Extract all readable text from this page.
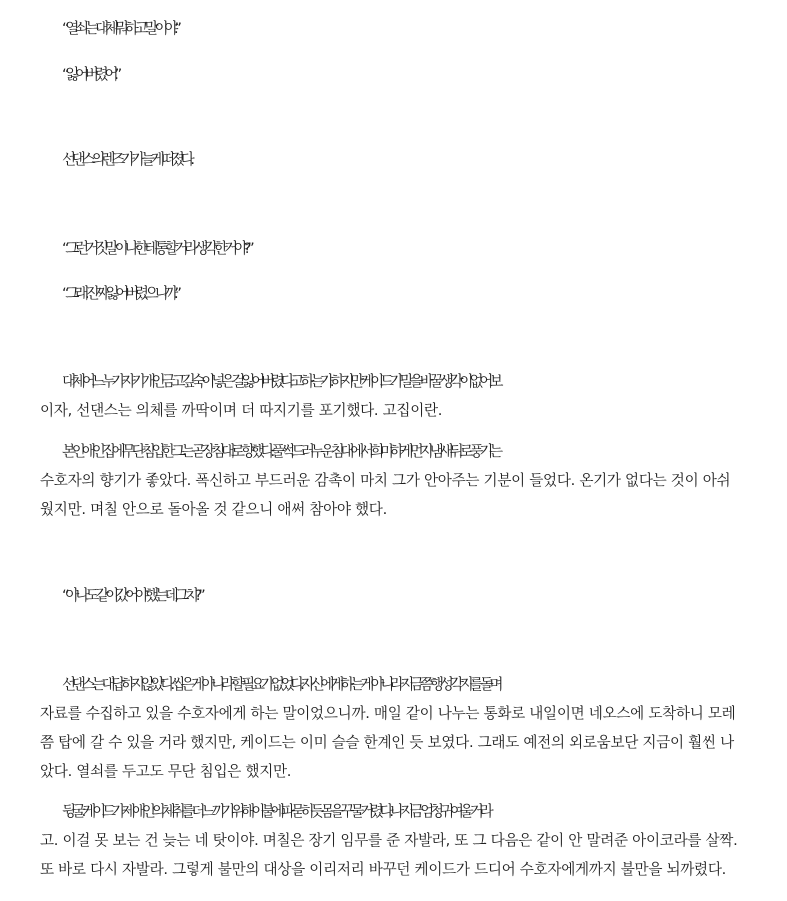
“열쇠는 대체 뭐하고 말이야.”

“잃어버렸어.”

선댄스의 렌즈가 가늘게 떠졌다.

“그런 거짓말이 나한테 통할 거라 생각한 거야?”

“그래. 진짜 잃어버렸으니까.”

대체 어느 누가 자기 개인 금고 깊숙이 넣은 걸 잃어버렸다고 하는가. 하지만 케이드가 말을 바꿀 생각이 없어 보
이자, 선댄스는 의체를 까딱이며 더 따지기를 포기했다. 고집이란.

본인 애인 집에 무단 침입한 그는 곧장 침대로 향했다. 풀썩 드러누운 침대에서 희미하게 먼지 냄새 뒤로 풍기는
수호자의 향기가 좋았다. 폭신하고 부드러운 감촉이 마치 그가 안아주는 기분이 들었다. 온기가 없다는 것이 아쉬
웠지만. 며칠 안으로 돌아올 것 같으니 애써 참아야 했다.

“아 나도 같이 갔어야 했는데, 그치?”

선댄스는 대답하지 않았다. 씹은 게 아니라 할 필요가 없었다. 자신에게 하는 게 아니라 지금쯤 행성 각지를 돌며
자료를 수집하고 있을 수호자에게 하는 말이었으니까. 매일 같이 나누는 통화로 내일이면 네오스에 도착하니 모레
쯤 탑에 갈 수 있을 거라 했지만, 케이드는 이미 슬슬 한계인 듯 보였다. 그래도 예전의 외로움보단 지금이 훨씬 나
았다. 열쇠를 두고도 무단 침입은 했지만.

뒹굴. 케이드가 제 애인의 체취를 더 느끼기 위해 이불에 파묻히듯 몸을 꾸물거렸다. 나 지금 엄청 귀여울 거라
고. 이걸 못 보는 건 늦는 네 탓이야. 며칠은 장기 임무를 준 자발라, 또 그 다음은 같이 안 말려준 아이코라를 살짝.
또 바로 다시 자발라. 그렇게 불만의 대상을 이리저리 바꾸던 케이드가 드디어 수호자에게까지 불만을 뇌까렸다.
